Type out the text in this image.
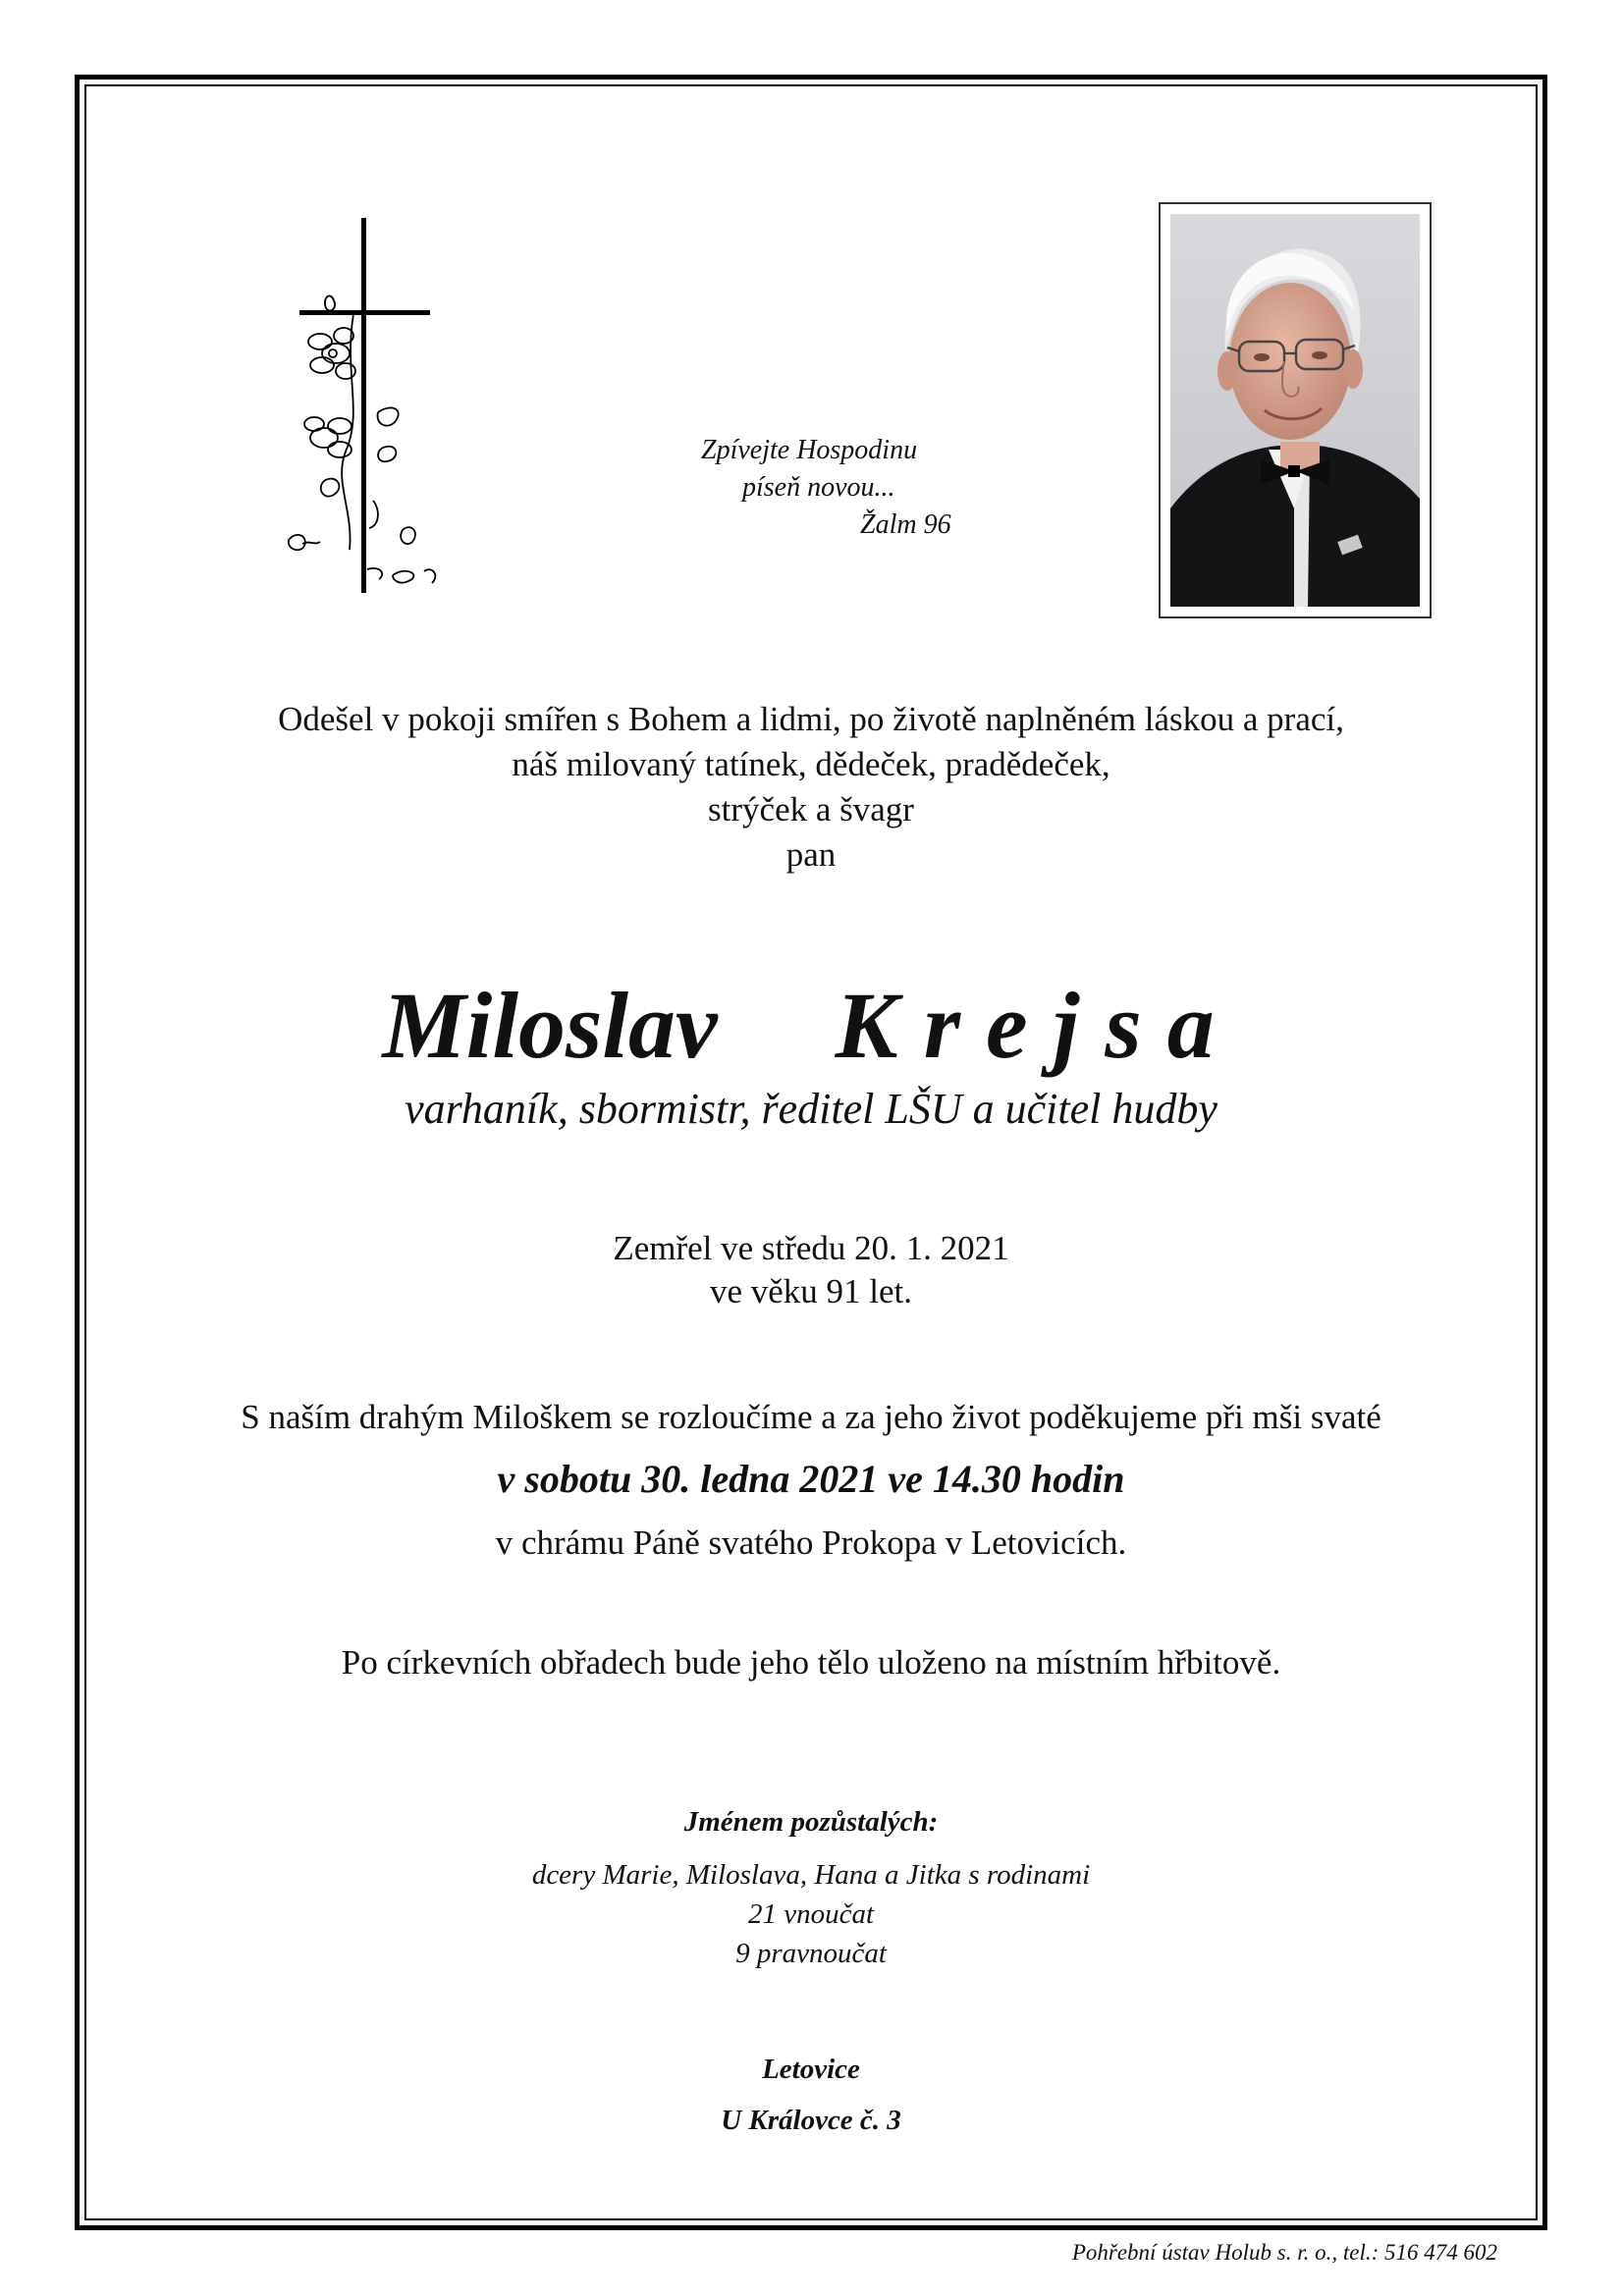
Zpívejte Hospodinu
píseň novou...
Žalm 96
Odešel v pokoji smířen s Bohem a lidmi, po životě naplněném láskou a prací,
náš milovaný tatínek, dědeček, pradědeček,
strýček a švagr
pan
Miloslav Krejsa
varhaník, sbormistr, ředitel LŠU a učitel hudby
Zemřel ve středu 20. 1. 2021
ve věku 91 let.
S naším drahým Miloškem se rozloučíme a za jeho život poděkujeme při mši svaté
v sobotu 30. ledna 2021 ve 14.30 hodin
v chrámu Páně svatého Prokopa v Letovicích.
Po církevních obřadech bude jeho tělo uloženo na místním hřbitově.
Jménem pozůstalých:
dcery Marie, Miloslava, Hana a Jitka s rodinami
21 vnoučat
9 pravnoučat
Letovice
U Královce č. 3
Pohřební ústav Holub s. r. o., tel.: 516 474 602
